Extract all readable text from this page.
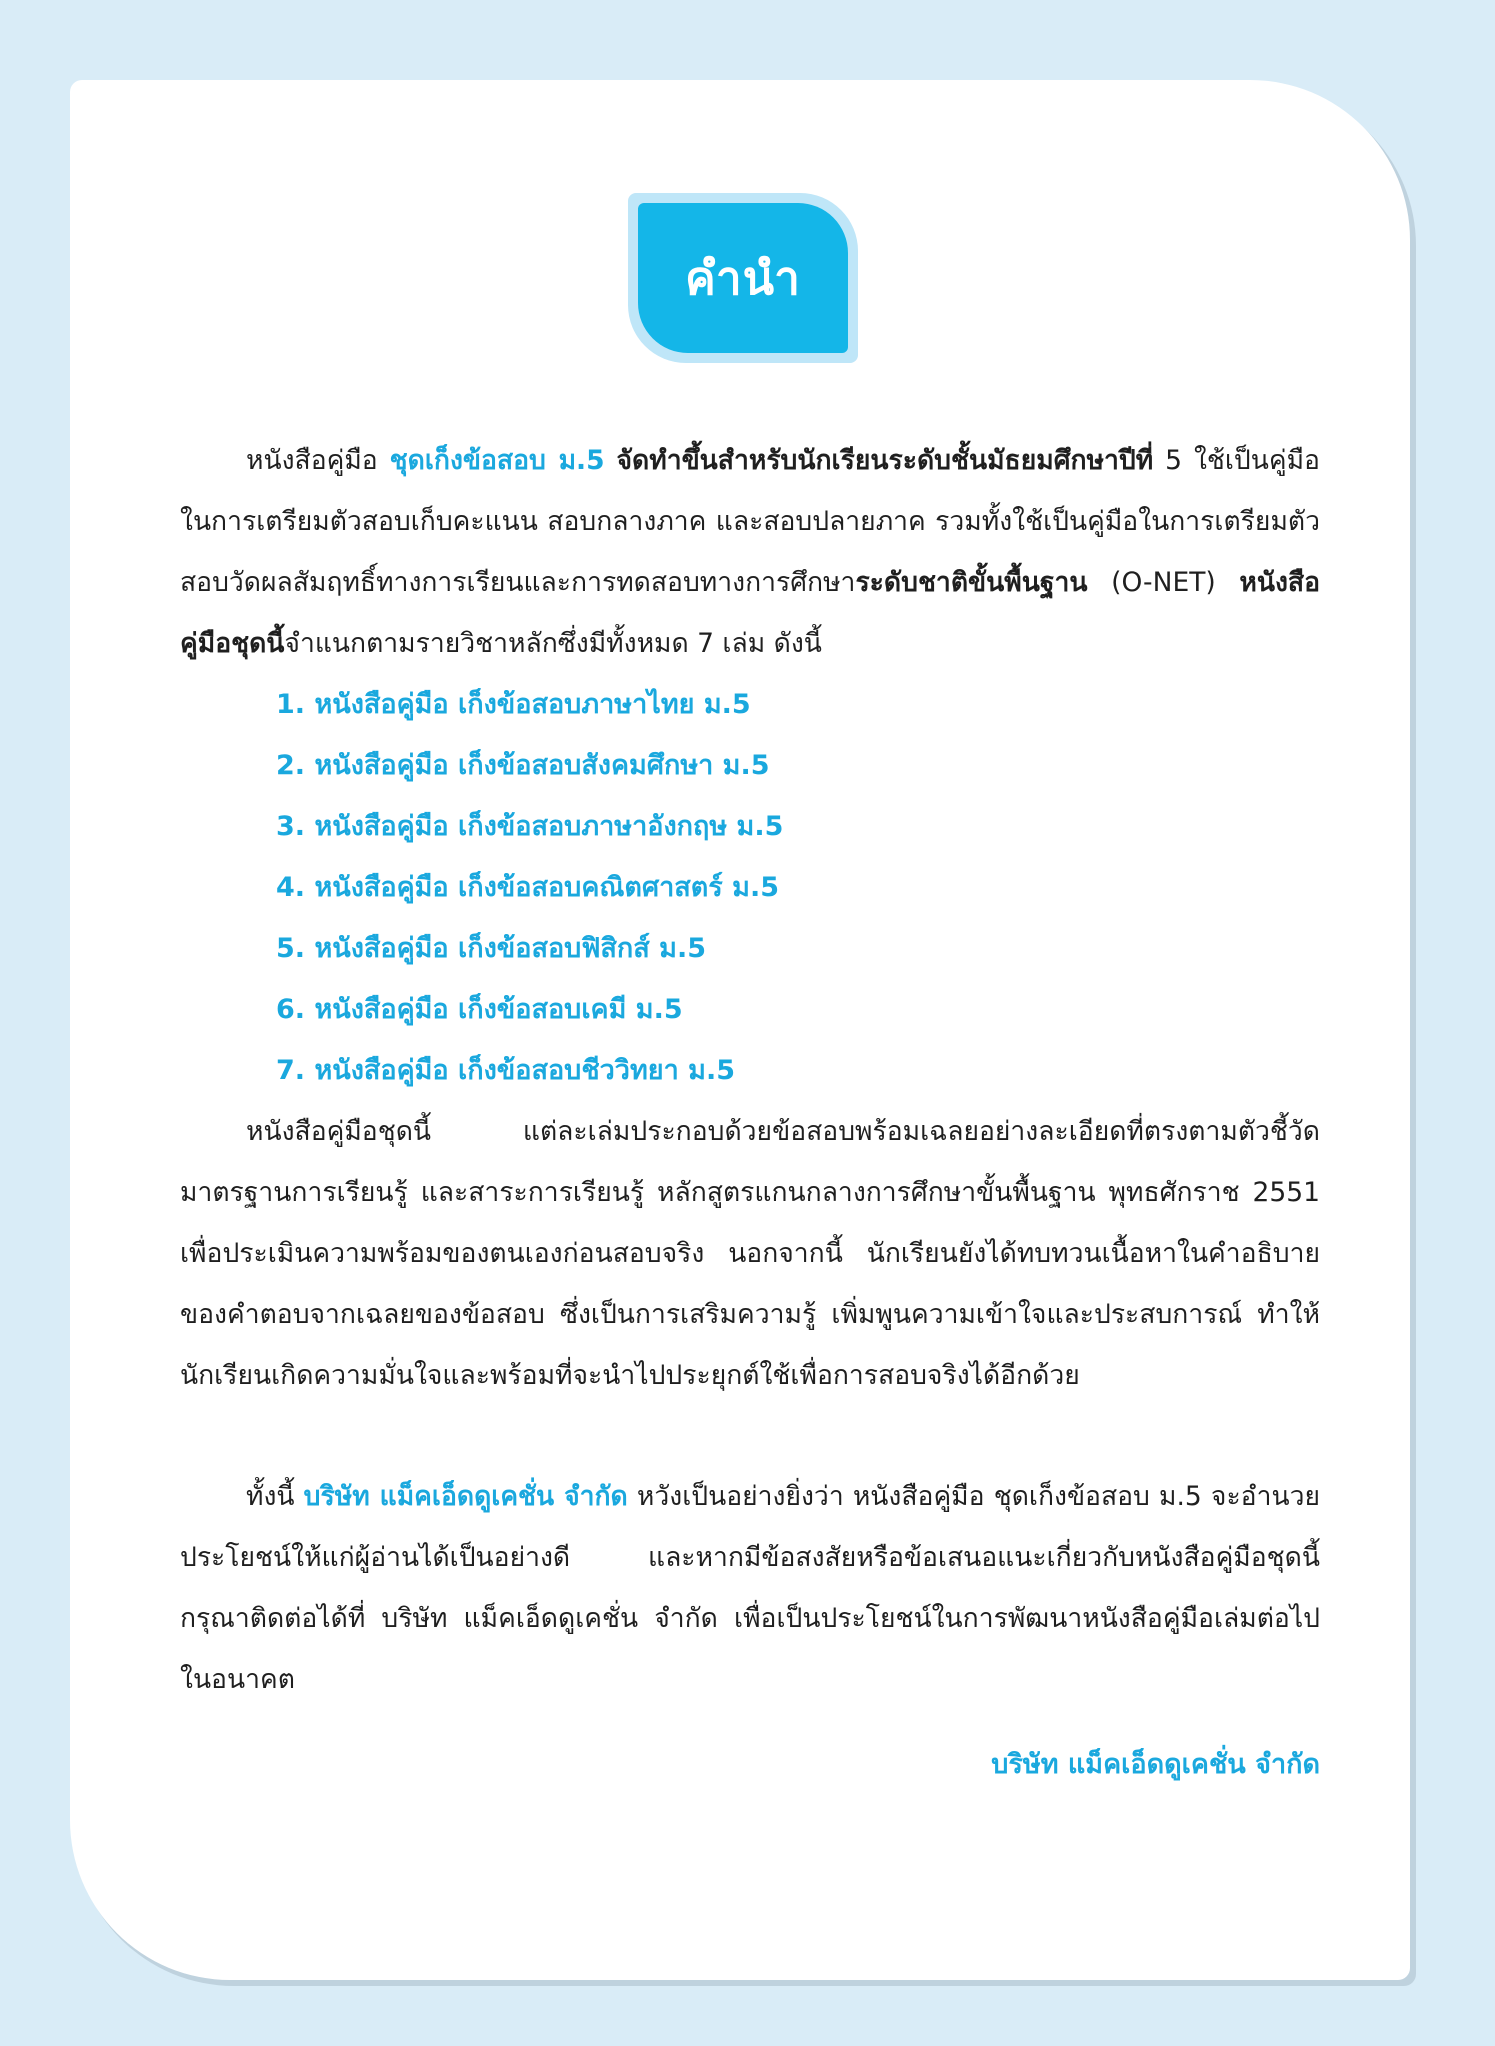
คำนำ

หนังสือคู่มือ ชุดเก็งข้อสอบ ม.5 จัดทำขึ้นสำหรับนักเรียนระดับชั้นมัธยมศึกษาปีที่ 5 ใช้เป็นคู่มือในการเตรียมตัวสอบเก็บคะแนน สอบกลางภาค และสอบปลายภาค รวมทั้งใช้เป็นคู่มือในการเตรียมตัวสอบวัดผลสัมฤทธิ์ทางการเรียนและการทดสอบทางการศึกษาระดับชาติขั้นพื้นฐาน (O-NET) หนังสือคู่มือชุดนี้จำแนกตามรายวิชาหลักซึ่งมีทั้งหมด 7 เล่ม ดังนี้

1. หนังสือคู่มือ เก็งข้อสอบภาษาไทย ม.5
2. หนังสือคู่มือ เก็งข้อสอบสังคมศึกษา ม.5
3. หนังสือคู่มือ เก็งข้อสอบภาษาอังกฤษ ม.5
4. หนังสือคู่มือ เก็งข้อสอบคณิตศาสตร์ ม.5
5. หนังสือคู่มือ เก็งข้อสอบฟิสิกส์ ม.5
6. หนังสือคู่มือ เก็งข้อสอบเคมี ม.5
7. หนังสือคู่มือ เก็งข้อสอบชีววิทยา ม.5

หนังสือคู่มือชุดนี้ แต่ละเล่มประกอบด้วยข้อสอบพร้อมเฉลยอย่างละเอียดที่ตรงตามตัวชี้วัด มาตรฐานการเรียนรู้ และสาระการเรียนรู้ หลักสูตรแกนกลางการศึกษาขั้นพื้นฐาน พุทธศักราช 2551 เพื่อประเมินความพร้อมของตนเองก่อนสอบจริง นอกจากนี้ นักเรียนยังได้ทบทวนเนื้อหาในคำอธิบายของคำตอบจากเฉลยของข้อสอบ ซึ่งเป็นการเสริมความรู้ เพิ่มพูนความเข้าใจและประสบการณ์ ทำให้นักเรียนเกิดความมั่นใจและพร้อมที่จะนำไปประยุกต์ใช้เพื่อการสอบจริงได้อีกด้วย

ทั้งนี้ บริษัท แม็คเอ็ดดูเคชั่น จำกัด หวังเป็นอย่างยิ่งว่า หนังสือคู่มือ ชุดเก็งข้อสอบ ม.5 จะอำนวยประโยชน์ให้แก่ผู้อ่านได้เป็นอย่างดี และหากมีข้อสงสัยหรือข้อเสนอแนะเกี่ยวกับหนังสือคู่มือชุดนี้ กรุณาติดต่อได้ที่ บริษัท แม็คเอ็ดดูเคชั่น จำกัด เพื่อเป็นประโยชน์ในการพัฒนาหนังสือคู่มือเล่มต่อไปในอนาคต

บริษัท แม็คเอ็ดดูเคชั่น จำกัด
